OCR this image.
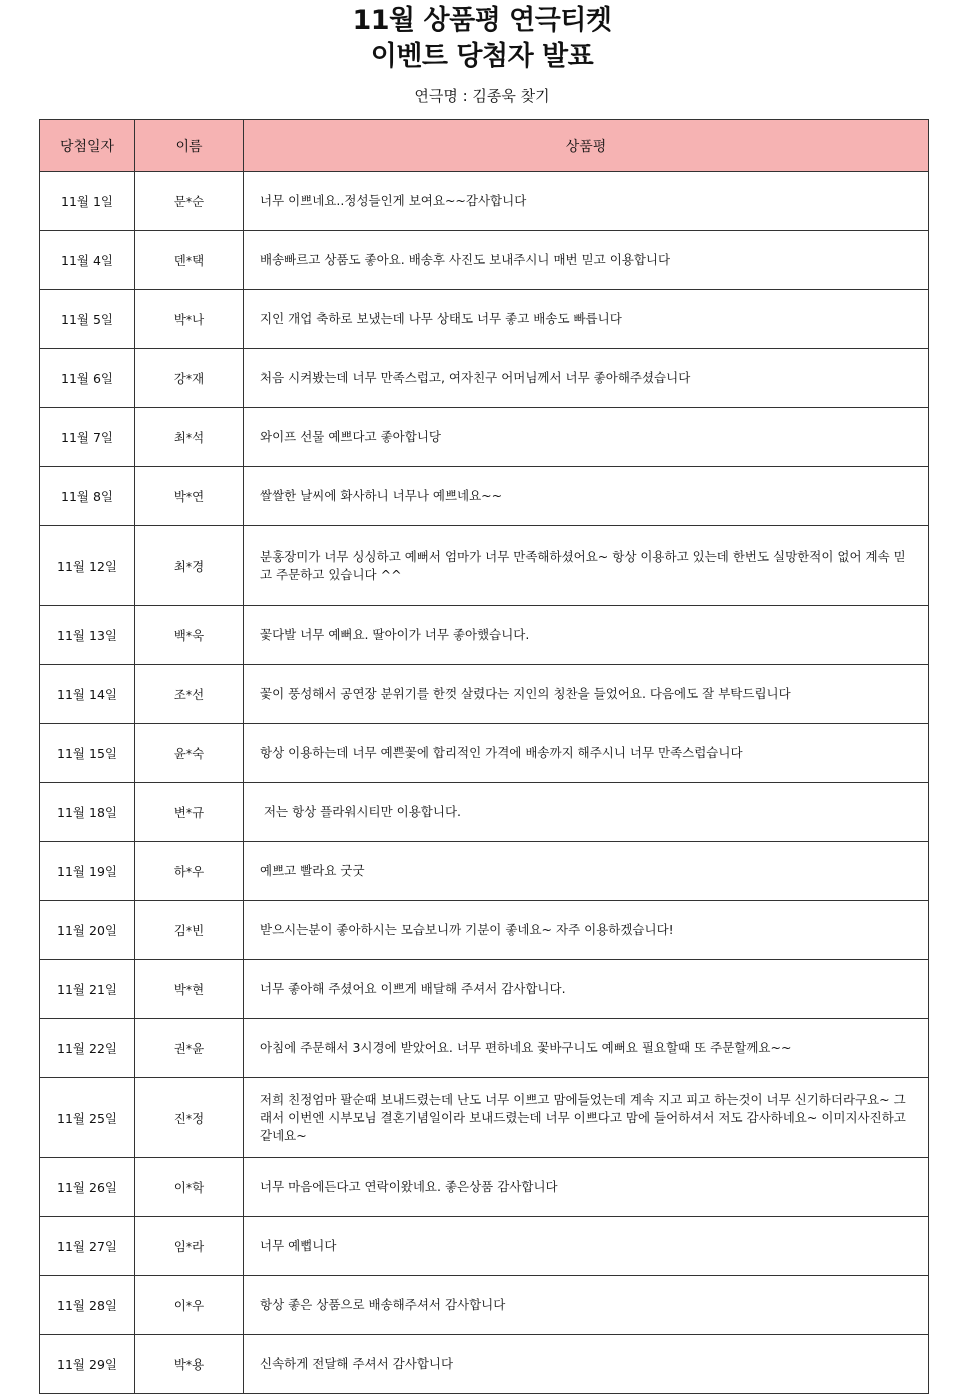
11월 상품평 연극티켓
이벤트 당첨자 발표
연극명 : 김종욱 찾기
당첨일자	이름	상품평
11월 1일	문*순	너무 이쁘네요..정성들인게 보여요~~감사합니다
11월 4일	덴*택	배송빠르고 상품도 좋아요. 배송후 사진도 보내주시니 매번 믿고 이용합니다
11월 5일	박*나	지인 개업 축하로 보냈는데 나무 상태도 너무 좋고 배송도 빠릅니다
11월 6일	강*재	처음 시켜봤는데 너무 만족스럽고, 여자친구 어머님께서 너무 좋아해주셨습니다
11월 7일	최*석	와이프 선물 예쁘다고 좋아합니당
11월 8일	박*연	쌀쌀한 날씨에 화사하니 너무나 예쁘네요~~
11월 12일	최*경	분홍장미가 너무 싱싱하고 예뻐서 엄마가 너무 만족해하셨어요~ 항상 이용하고 있는데 한번도 실망한적이 없어 계속 믿고 주문하고 있습니다 ^^
11월 13일	백*욱	꽃다발 너무 예뻐요. 딸아이가 너무 좋아했습니다.
11월 14일	조*선	꽃이 풍성해서 공연장 분위기를 한껏 살렸다는 지인의 칭찬을 들었어요. 다음에도 잘 부탁드립니다
11월 15일	윤*숙	항상 이용하는데 너무 예쁜꽃에 합리적인 가격에 배송까지 해주시니 너무 만족스럽습니다
11월 18일	변*규	저는 항상 플라워시티만 이용합니다.
11월 19일	하*우	예쁘고 빨라요 굿굿
11월 20일	김*빈	받으시는분이 좋아하시는 모습보니까 기분이 좋네요~ 자주 이용하겠습니다!
11월 21일	박*현	너무 좋아해 주셨어요 이쁘게 배달해 주셔서 감사합니다.
11월 22일	권*윤	아침에 주문해서 3시경에 받았어요. 너무 편하네요 꽃바구니도 예뻐요 필요할때 또 주문할께요~~
11월 25일	진*정	저희 친정엄마 팔순때 보내드렸는데 난도 너무 이쁘고 맘에들었는데 계속 지고 피고 하는것이 너무 신기하더라구요~ 그래서 이번엔 시부모님 결혼기념일이라 보내드렸는데 너무 이쁘다고 맘에 들어하셔서 저도 감사하네요~ 이미지사진하고 같네요~
11월 26일	이*학	너무 마음에든다고 연락이왔네요. 좋은상품 감사합니다
11월 27일	임*라	너무 예뻡니다
11월 28일	이*우	항상 좋은 상품으로 배송해주셔서 감사합니다
11월 29일	박*용	신속하게 전달해 주셔서 감사합니다
